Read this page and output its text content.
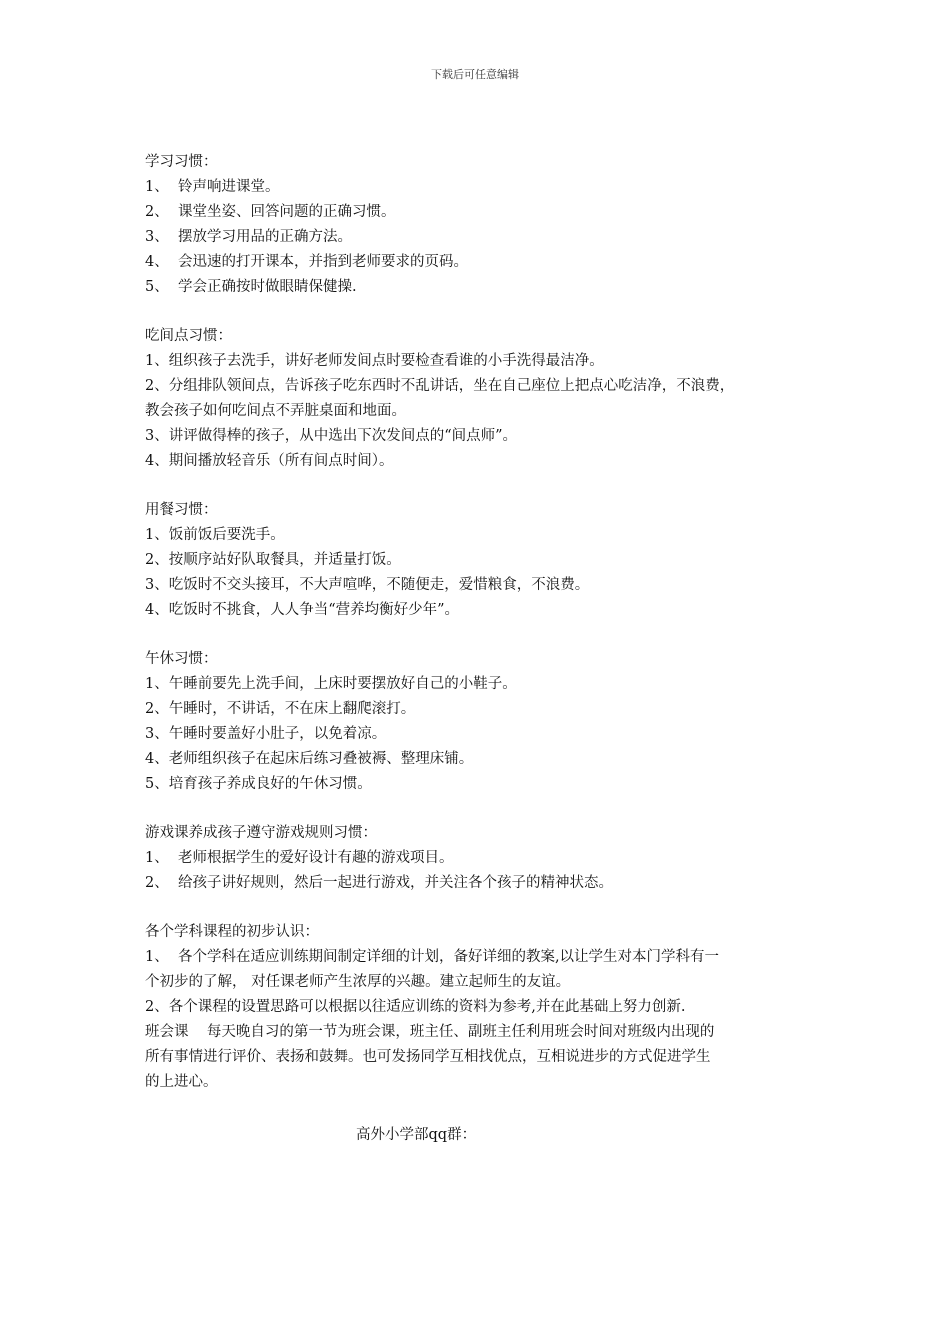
下载后可任意编辑
学习习惯：
1、  铃声响进课堂。
2、  课堂坐姿、回答问题的正确习惯。
3、  摆放学习用品的正确方法。
4、  会迅速的打开课本，并指到老师要求的页码。
5、  学会正确按时做眼睛保健操.
吃间点习惯：
1、组织孩子去洗手，讲好老师发间点时要检查看谁的小手洗得最洁净。
2、分组排队领间点，告诉孩子吃东西时不乱讲话，坐在自己座位上把点心吃洁净，不浪费，
教会孩子如何吃间点不弄脏桌面和地面。
3、讲评做得棒的孩子，从中选出下次发间点的“间点师”。
4、期间播放轻音乐（所有间点时间）。
用餐习惯：
1、饭前饭后要洗手。
2、按顺序站好队取餐具，并适量打饭。
3、吃饭时不交头接耳，不大声喧哗，不随便走，爱惜粮食，不浪费。
4、吃饭时不挑食，人人争当“营养均衡好少年”。
午休习惯：
1、午睡前要先上洗手间，上床时要摆放好自己的小鞋子。
2、午睡时，不讲话，不在床上翻爬滚打。
3、午睡时要盖好小肚子，以免着凉。
4、老师组织孩子在起床后练习叠被褥、整理床铺。
5、培育孩子养成良好的午休习惯。
游戏课养成孩子遵守游戏规则习惯：
1、  老师根据学生的爱好设计有趣的游戏项目。
2、  给孩子讲好规则，然后一起进行游戏，并关注各个孩子的精神状态。
各个学科课程的初步认识：
1、  各个学科在适应训练期间制定详细的计划，备好详细的教案,以让学生对本门学科有一
个初步的了解， 对任课老师产生浓厚的兴趣。建立起师生的友谊。
2、各个课程的设置思路可以根据以往适应训练的资料为参考,并在此基础上努力创新.
班会课    每天晚自习的第一节为班会课，班主任、副班主任利用班会时间对班级内出现的
所有事情进行评价、表扬和鼓舞。也可发扬同学互相找优点，互相说进步的方式促进学生
的上进心。
高外小学部qq群：
